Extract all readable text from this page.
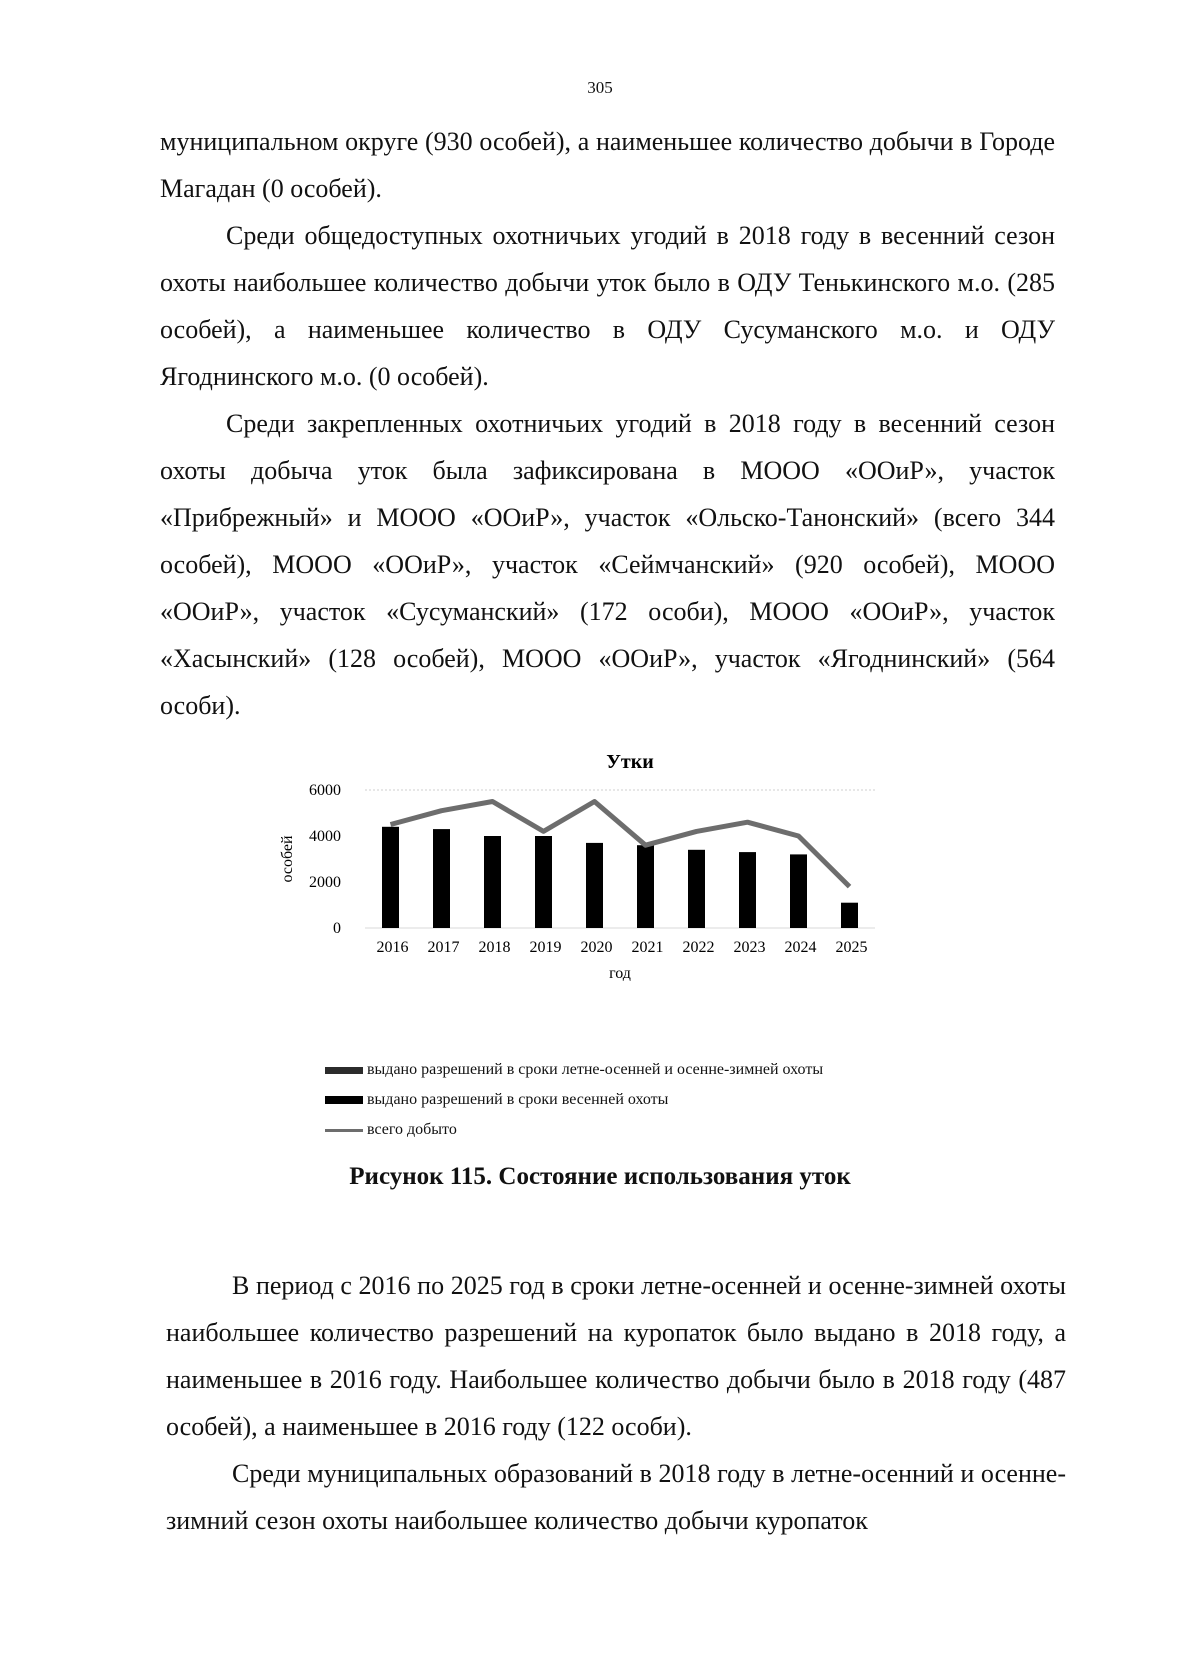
305

муниципальном округе (930 особей), а наименьшее количество добычи в Городе Магадан (0 особей).

Среди общедоступных охотничьих угодий в 2018 году в весенний сезон охоты наибольшее количество добычи уток было в ОДУ Тенькинского м.о. (285 особей), а наименьшее количество в ОДУ Сусуманского м.о. и ОДУ Ягоднинского м.о. (0 особей).

Среди закрепленных охотничьих угодий в 2018 году в весенний сезон охоты добыча уток была зафиксирована в МООО «ООиР», участок «Прибрежный» и МООО «ООиР», участок «Ольско-Танонский» (всего 344 особей), МООО «ООиР», участок «Сеймчанский» (920 особей), МООО «ООиР», участок «Сусуманский» (172 особи), МООО «ООиР», участок «Хасынский» (128 особей), МООО «ООиР», участок «Ягоднинский» (564 особи).

Утки
0
2000
4000
6000
особей
2016 2017 2018 2019 2020 2021 2022 2023 2024 2025
год
выдано разрешений в сроки летне-осенней и осенне-зимней охоты
выдано разрешений в сроки весенней охоты
всего добыто
Рисунок 115. Состояние использования уток

В период с 2016 по 2025 год в сроки летне-осенней и осенне-зимней охоты наибольшее количество разрешений на куропаток было выдано в 2018 году, а наименьшее в 2016 году. Наибольшее количество добычи было в 2018 году (487 особей), а наименьшее в 2016 году (122 особи).

Среди муниципальных образований в 2018 году в летне-осенний и осенне-зимний сезон охоты наибольшее количество добычи куропаток
